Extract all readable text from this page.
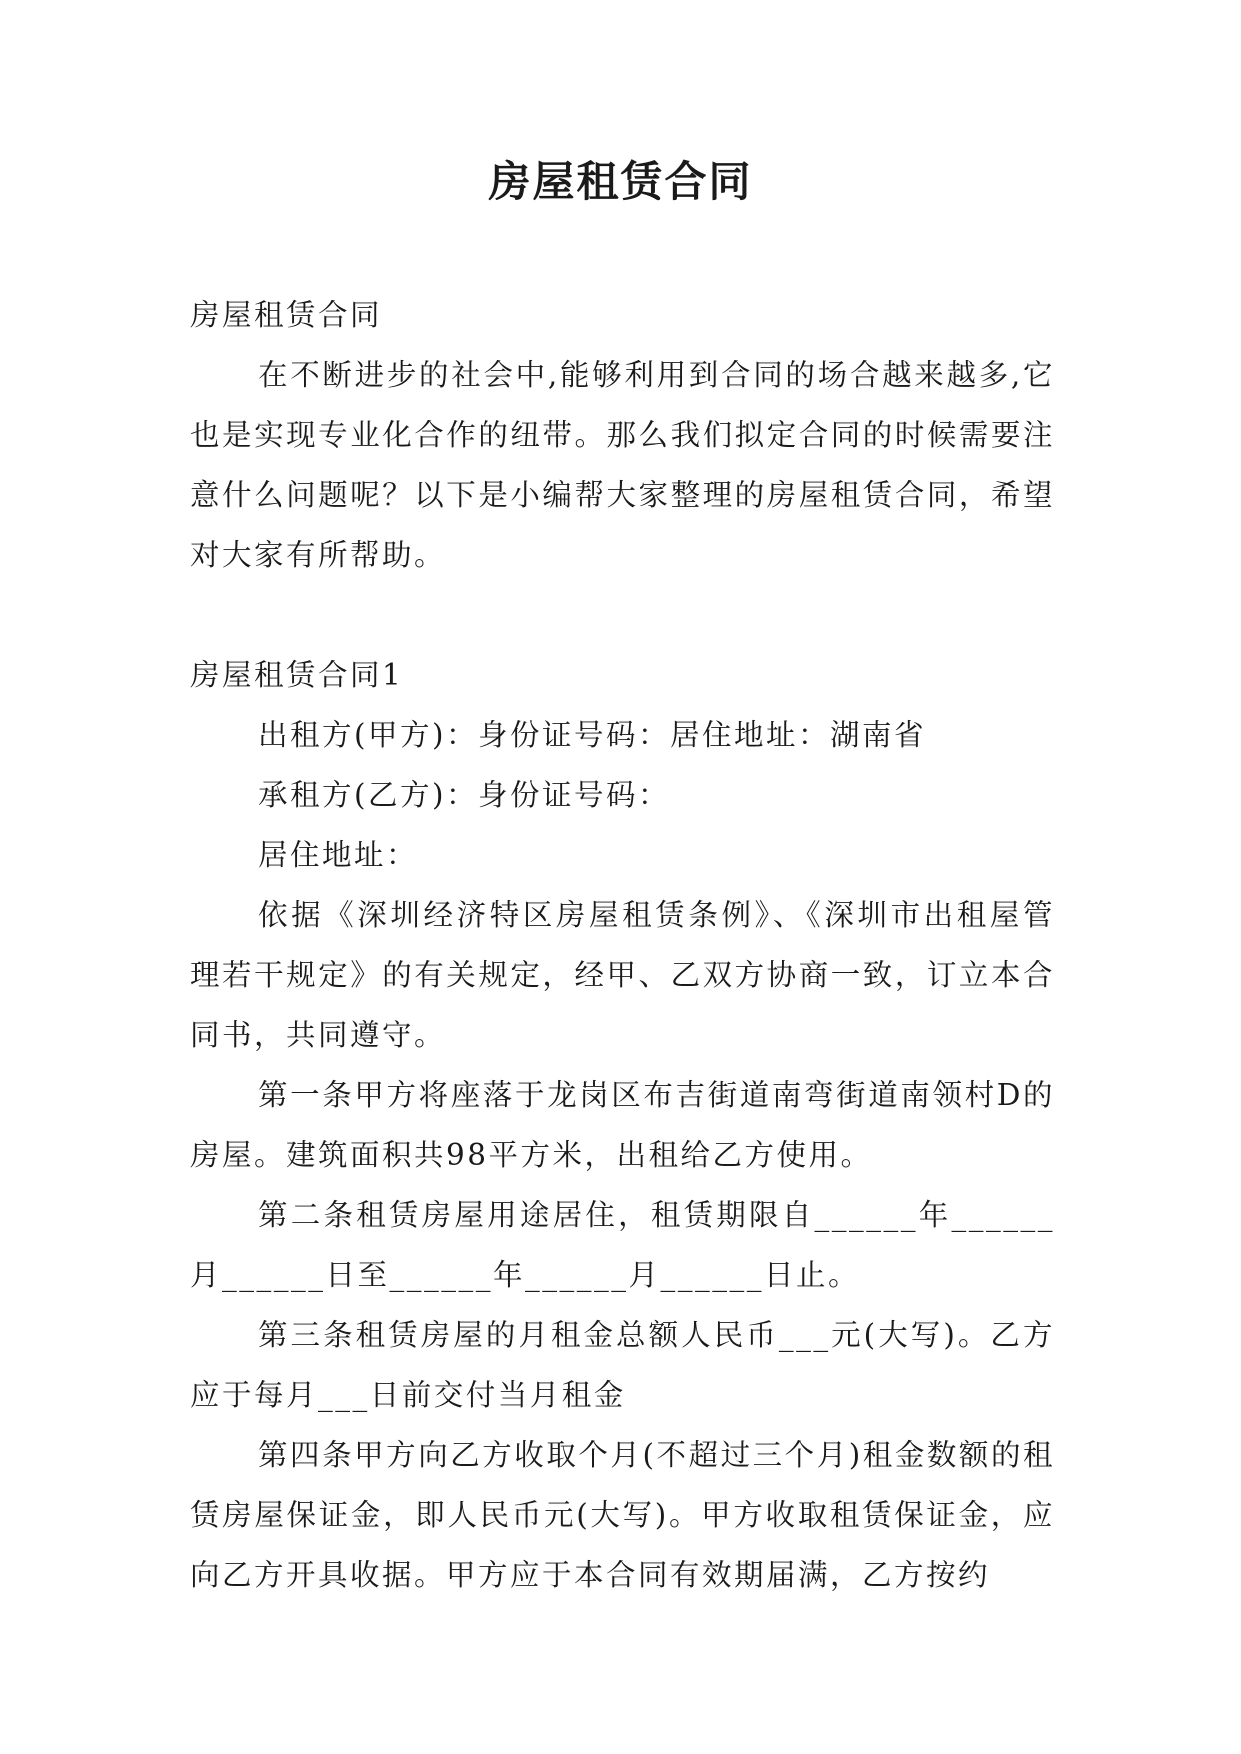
房屋租赁合同

房屋租赁合同

在不断进步的社会中,能够利用到合同的场合越来越多,它也是实现专业化合作的纽带。那么我们拟定合同的时候需要注意什么问题呢？以下是小编帮大家整理的房屋租赁合同，希望对大家有所帮助。

房屋租赁合同1

出租方(甲方)：身份证号码：居住地址：湖南省

承租方(乙方)：身份证号码：

居住地址：

依据《深圳经济特区房屋租赁条例》、《深圳市出租屋管理若干规定》的有关规定，经甲、乙双方协商一致，订立本合同书，共同遵守。

第一条甲方将座落于龙岗区布吉街道南弯街道南领村D的房屋。建筑面积共98平方米，出租给乙方使用。

第二条租赁房屋用途居住，租赁期限自______年______月______日至______年______月______日止。

第三条租赁房屋的月租金总额人民币___元(大写)。乙方应于每月___日前交付当月租金

第四条甲方向乙方收取个月(不超过三个月)租金数额的租赁房屋保证金，即人民币元(大写)。甲方收取租赁保证金，应向乙方开具收据。甲方应于本合同有效期届满，乙方按约
